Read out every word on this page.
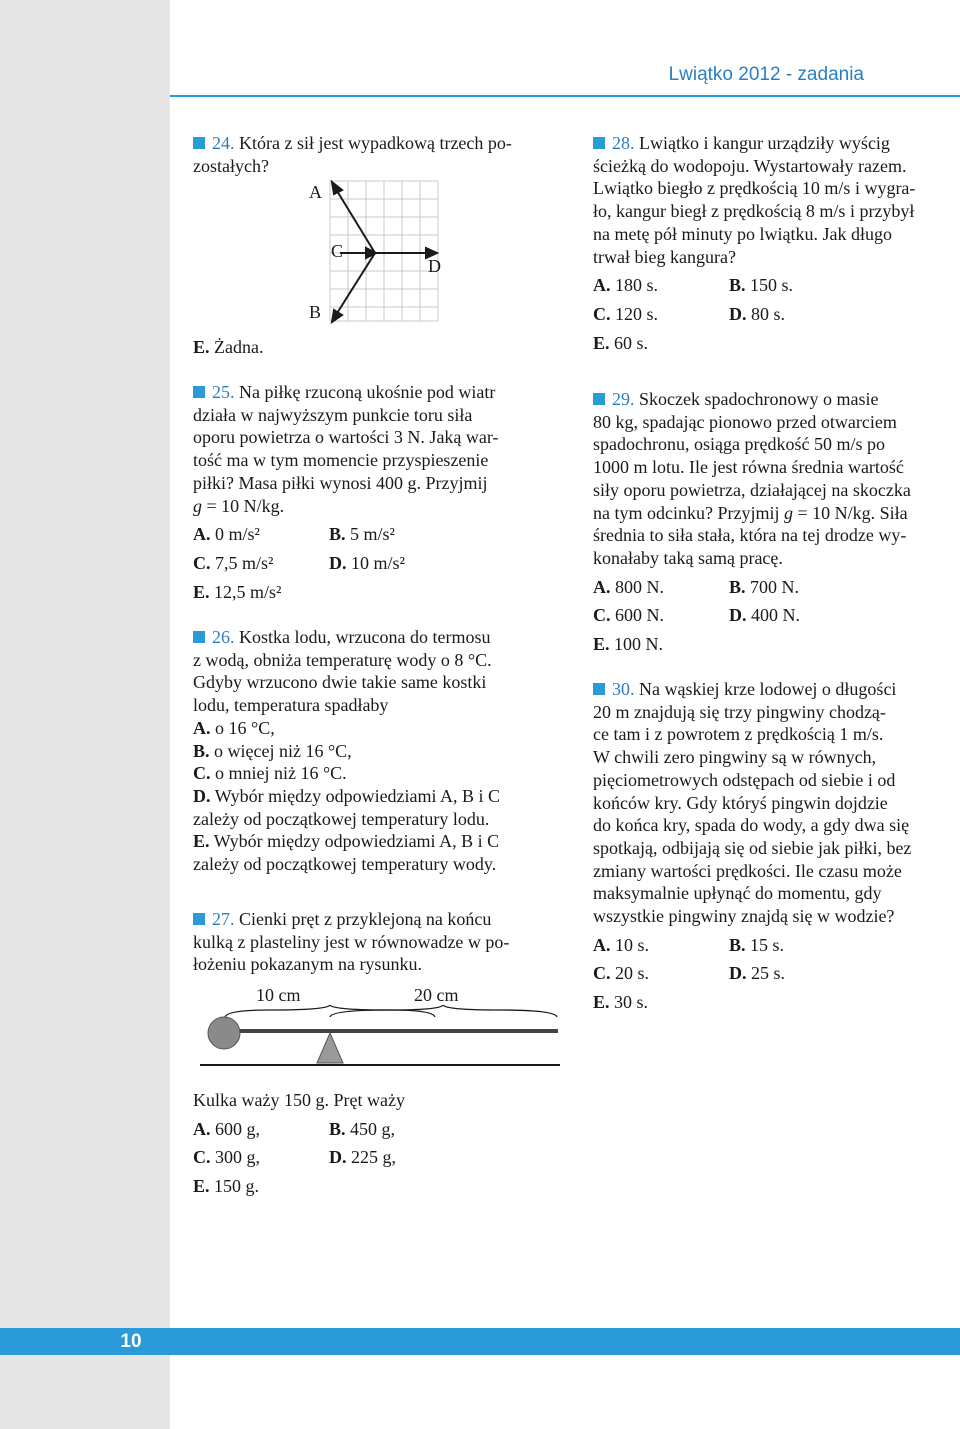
Lwiątko 2012 - zadania

24. Która z sił jest wypadkową trzech po-

zostałych?

E. Żadna.
A
C
D
B

25. Na piłkę rzuconą ukośnie pod wiatr

działa w najwyższym punkcie toru siła

oporu powietrza o wartości 3 N. Jaką war-

tość ma w tym momencie przyspieszenie

piłki? Masa piłki wynosi 400 g. Przyjmij

g = 10 N/kg.

A. 0 m/s²	B. 5 m/s²
C. 7,5 m/s²	D. 10 m/s²
E. 12,5 m/s²

26. Kostka lodu, wrzucona do termosu

z wodą, obniża temperaturę wody o 8 °C.

Gdyby wrzucono dwie takie same kostki

lodu, temperatura spadłaby

A. o 16 °C,

B. o więcej niż 16 °C,

C. o mniej niż 16 °C.

D. Wybór między odpowiedziami A, B i C

zależy od początkowej temperatury lodu.

E. Wybór między odpowiedziami A, B i C

zależy od początkowej temperatury wody.

27. Cienki pręt z przyklejoną na końcu

kulką z plasteliny jest w równowadze w po-

łożeniu pokazanym na rysunku.

10 cm	20 cm

Kulka waży 150 g. Pręt waży

A. 600 g,	B. 450 g,
C. 300 g,	D. 225 g,
E. 150 g.

28. Lwiątko i kangur urządziły wyścig

ścieżką do wodopoju. Wystartowały razem.

Lwiątko biegło z prędkością 10 m/s i wygra-

ło, kangur biegł z prędkością 8 m/s i przybył

na metę pół minuty po lwiątku. Jak długo

trwał bieg kangura?

A. 180 s.	B. 150 s.
C. 120 s.	D. 80 s.
E. 60 s.

29. Skoczek spadochronowy o masie

80 kg, spadając pionowo przed otwarciem

spadochronu, osiąga prędkość 50 m/s po

1000 m lotu. Ile jest równa średnia wartość

siły oporu powietrza, działającej na skoczka

na tym odcinku? Przyjmij g = 10 N/kg. Siła

średnia to siła stała, która na tej drodze wy-

konałaby taką samą pracę.

A. 800 N.	B. 700 N.
C. 600 N.	D. 400 N.
E. 100 N.

30. Na wąskiej krze lodowej o długości

20 m znajdują się trzy pingwiny chodzą-

ce tam i z powrotem z prędkością 1 m/s.

W chwili zero pingwiny są w równych,

pięciometrowych odstępach od siebie i od

końców kry. Gdy któryś pingwin dojdzie

do końca kry, spada do wody, a gdy dwa się

spotkają, odbijają się od siebie jak piłki, bez

zmiany wartości prędkości. Ile czasu może

maksymalnie upłynąć do momentu, gdy

wszystkie pingwiny znajdą się w wodzie?

A. 10 s.	B. 15 s.
C. 20 s.	D. 25 s.
E. 30 s.
10
